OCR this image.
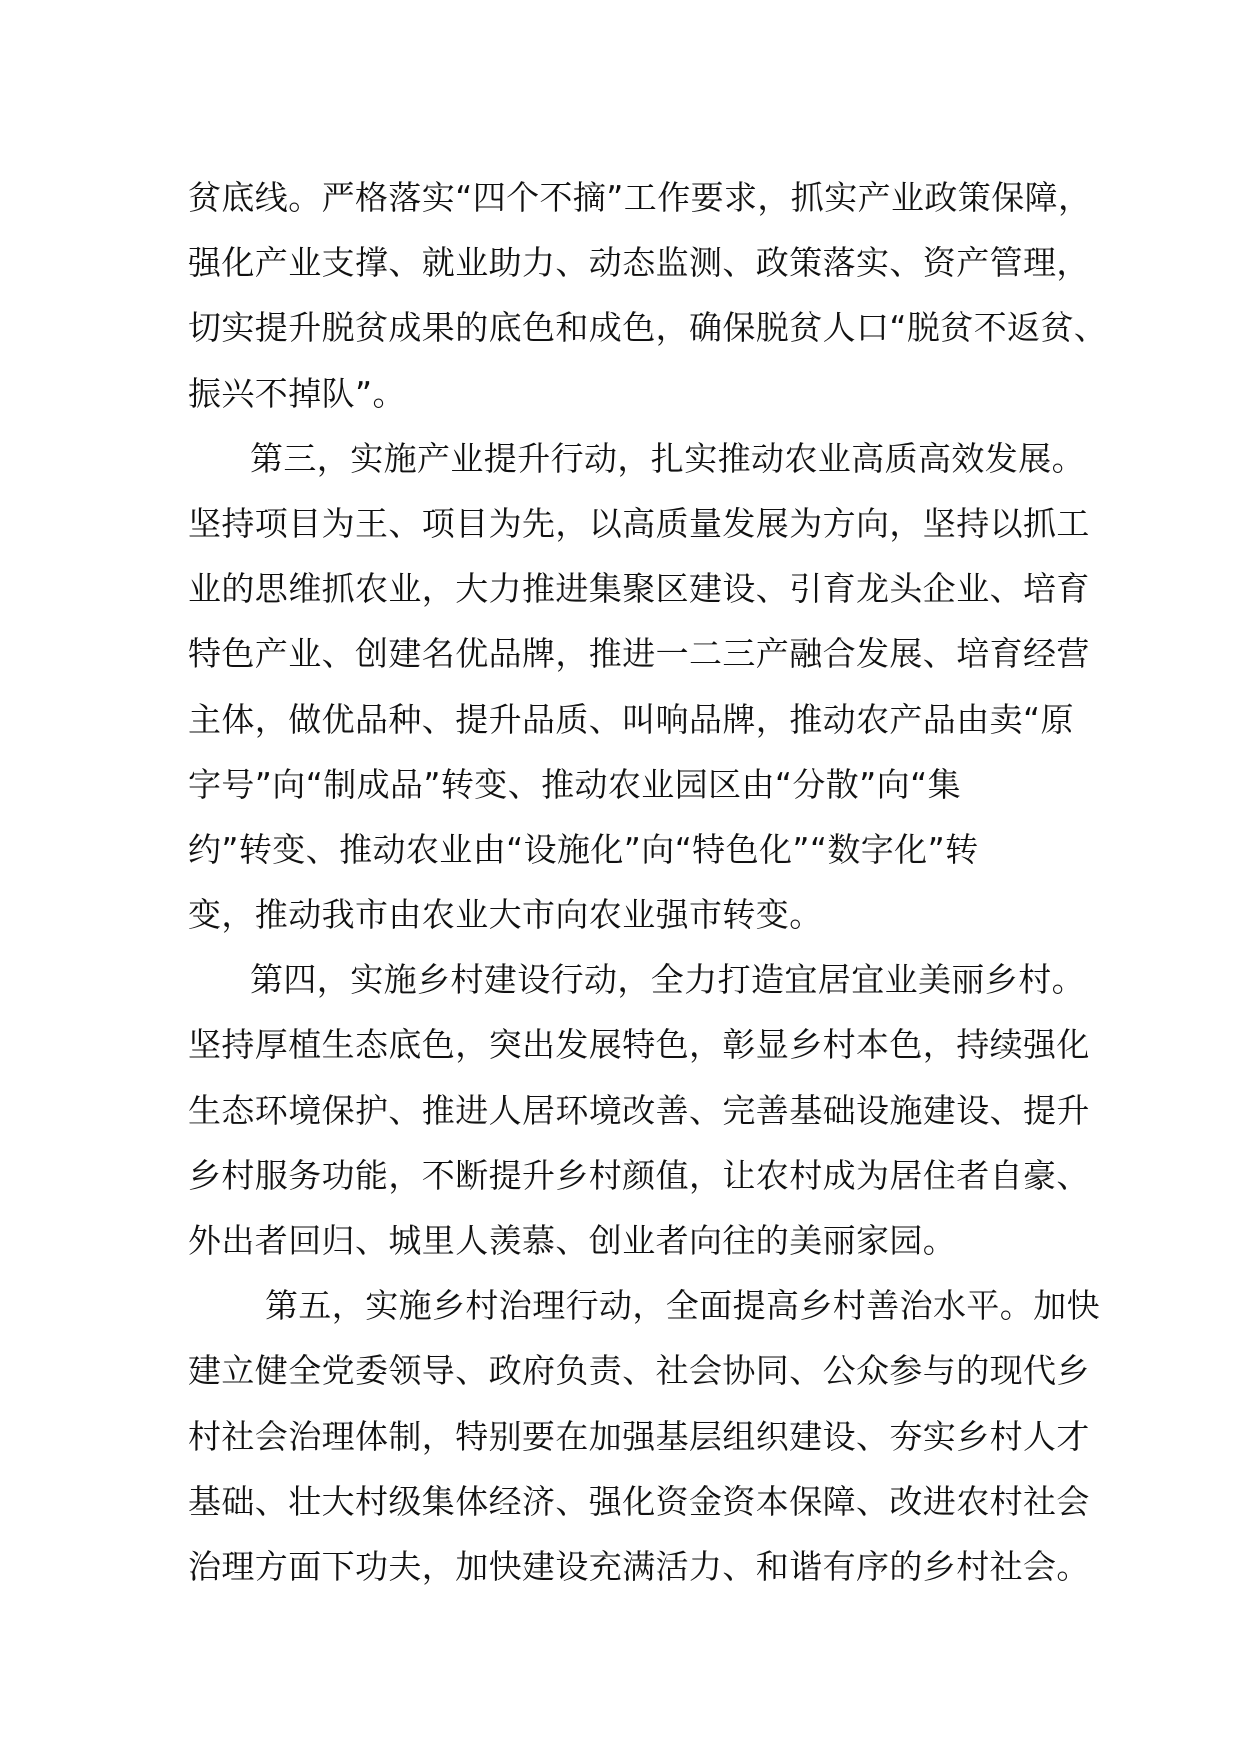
贫底线。严格落实“四个不摘”工作要求，抓实产业政策保障，
强化产业支撑、就业助力、动态监测、政策落实、资产管理，
切实提升脱贫成果的底色和成色，确保脱贫人口“脱贫不返贫、
振兴不掉队”。
第三，实施产业提升行动，扎实推动农业高质高效发展。
坚持项目为王、项目为先，以高质量发展为方向，坚持以抓工
业的思维抓农业，大力推进集聚区建设、引育龙头企业、培育
特色产业、创建名优品牌，推进一二三产融合发展、培育经营
主体，做优品种、提升品质、叫响品牌，推动农产品由卖“原
字号”向“制成品”转变、推动农业园区由“分散”向“集
约”转变、推动农业由“设施化”向“特色化”“数字化”转
变，推动我市由农业大市向农业强市转变。
第四，实施乡村建设行动，全力打造宜居宜业美丽乡村。
坚持厚植生态底色，突出发展特色，彰显乡村本色，持续强化
生态环境保护、推进人居环境改善、完善基础设施建设、提升
乡村服务功能，不断提升乡村颜值，让农村成为居住者自豪、
外出者回归、城里人羡慕、创业者向往的美丽家园。
第五，实施乡村治理行动，全面提高乡村善治水平。加快
建立健全党委领导、政府负责、社会协同、公众参与的现代乡
村社会治理体制，特别要在加强基层组织建设、夯实乡村人才
基础、壮大村级集体经济、强化资金资本保障、改进农村社会
治理方面下功夫，加快建设充满活力、和谐有序的乡村社会。
